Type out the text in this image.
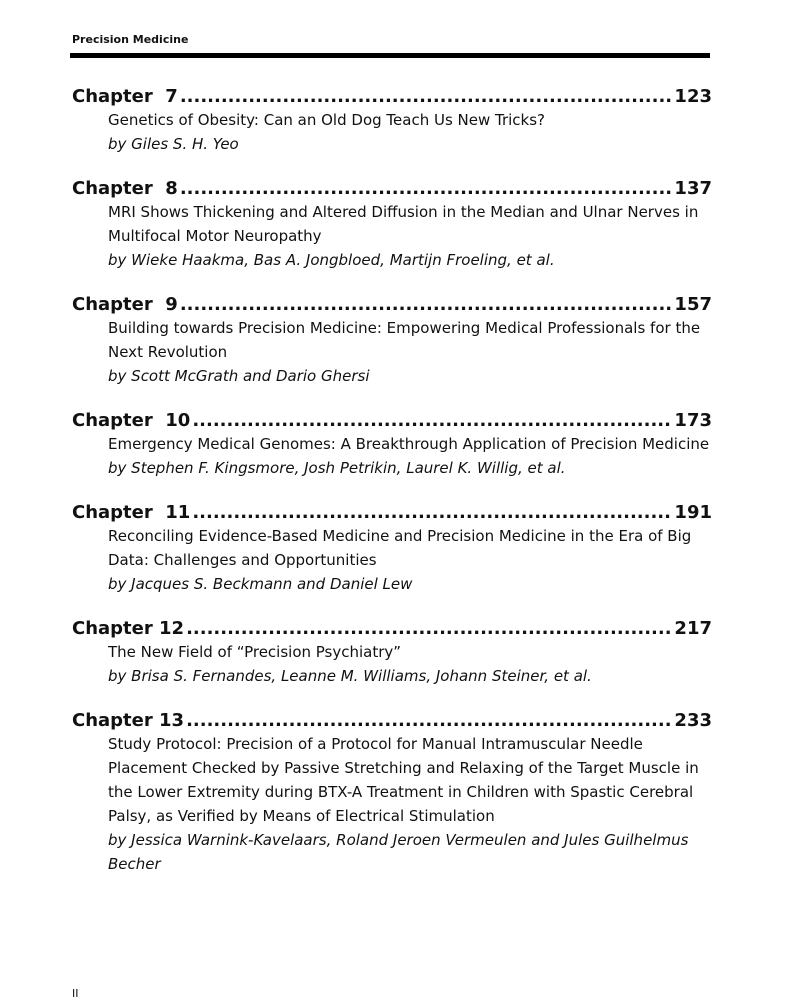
Precision Medicine
Chapter  7 .....	123
Genetics of Obesity: Can an Old Dog Teach Us New Tricks?
by Giles S. H. Yeo
Chapter  8 .....	137
MRI Shows Thickening and Altered Diffusion in the Median and Ulnar Nerves in Multifocal Motor Neuropathy
by Wieke Haakma, Bas A. Jongbloed, Martijn Froeling, et al.
Chapter  9 .....	157
Building towards Precision Medicine: Empowering Medical Professionals for the Next Revolution
by Scott McGrath and Dario Ghersi
Chapter  10 .....	173
Emergency Medical Genomes: A Breakthrough Application of Precision Medicine
by Stephen F. Kingsmore, Josh Petrikin, Laurel K. Willig, et al.
Chapter  11 .....	191
Reconciling Evidence-Based Medicine and Precision Medicine in the Era of Big Data: Challenges and Opportunities
by Jacques S. Beckmann and Daniel Lew
Chapter 12 .....	217
The New Field of “Precision Psychiatry”
by Brisa S. Fernandes, Leanne M. Williams, Johann Steiner, et al.
Chapter 13 .....	233
Study Protocol: Precision of a Protocol for Manual Intramuscular Needle Placement Checked by Passive Stretching and Relaxing of the Target Muscle in the Lower Extremity during BTX-A Treatment in Children with Spastic Cerebral Palsy, as Verified by Means of Electrical Stimulation
by Jessica Warnink-Kavelaars, Roland Jeroen Vermeulen and Jules Guilhelmus Becher
II
